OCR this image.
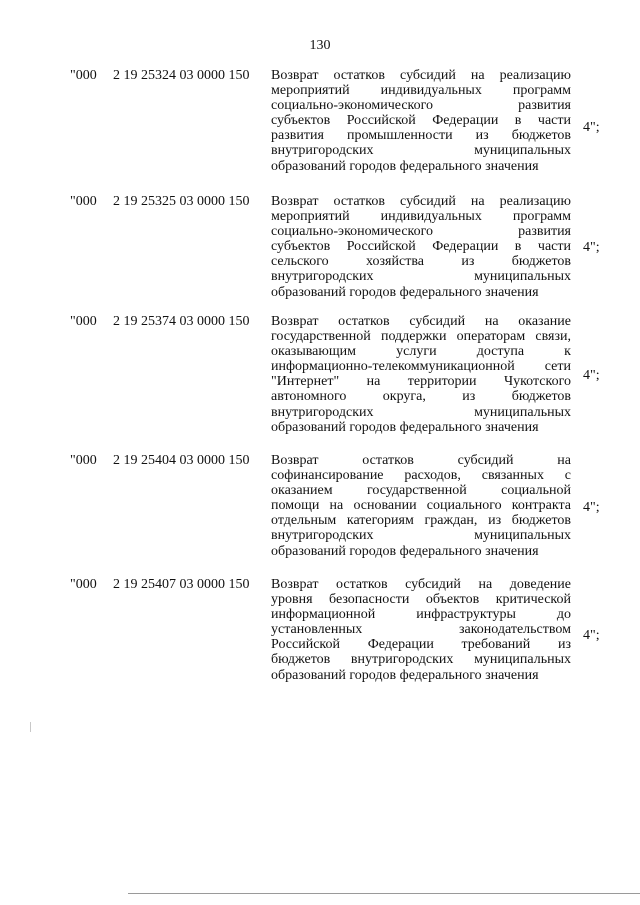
130
"000	2 19 25324 03 0000 150	Возврат остатков субсидий на реализацию
мероприятий индивидуальных программ
социально-экономического развития
субъектов Российской Федерации в части
развития промышленности из бюджетов
внутригородских муниципальных
образований городов федерального значения
4";
"000	2 19 25325 03 0000 150	Возврат остатков субсидий на реализацию
мероприятий индивидуальных программ
социально-экономического развития
субъектов Российской Федерации в части
сельского хозяйства из бюджетов
внутригородских муниципальных
образований городов федерального значения
4";
"000	2 19 25374 03 0000 150	Возврат остатков субсидий на оказание
государственной поддержки операторам связи,
оказывающим услуги доступа к
информационно-телекоммуникационной сети
"Интернет" на территории Чукотского
автономного округа, из бюджетов
внутригородских муниципальных
образований городов федерального значения
4";
"000	2 19 25404 03 0000 150	Возврат остатков субсидий на
софинансирование расходов, связанных с
оказанием государственной социальной
помощи на основании социального контракта
отдельным категориям граждан, из бюджетов
внутригородских муниципальных
образований городов федерального значения
4";
"000	2 19 25407 03 0000 150	Возврат остатков субсидий на доведение
уровня безопасности объектов критической
информационной инфраструктуры до
установленных законодательством
Российской Федерации требований из
бюджетов внутригородских муниципальных
образований городов федерального значения
4";
